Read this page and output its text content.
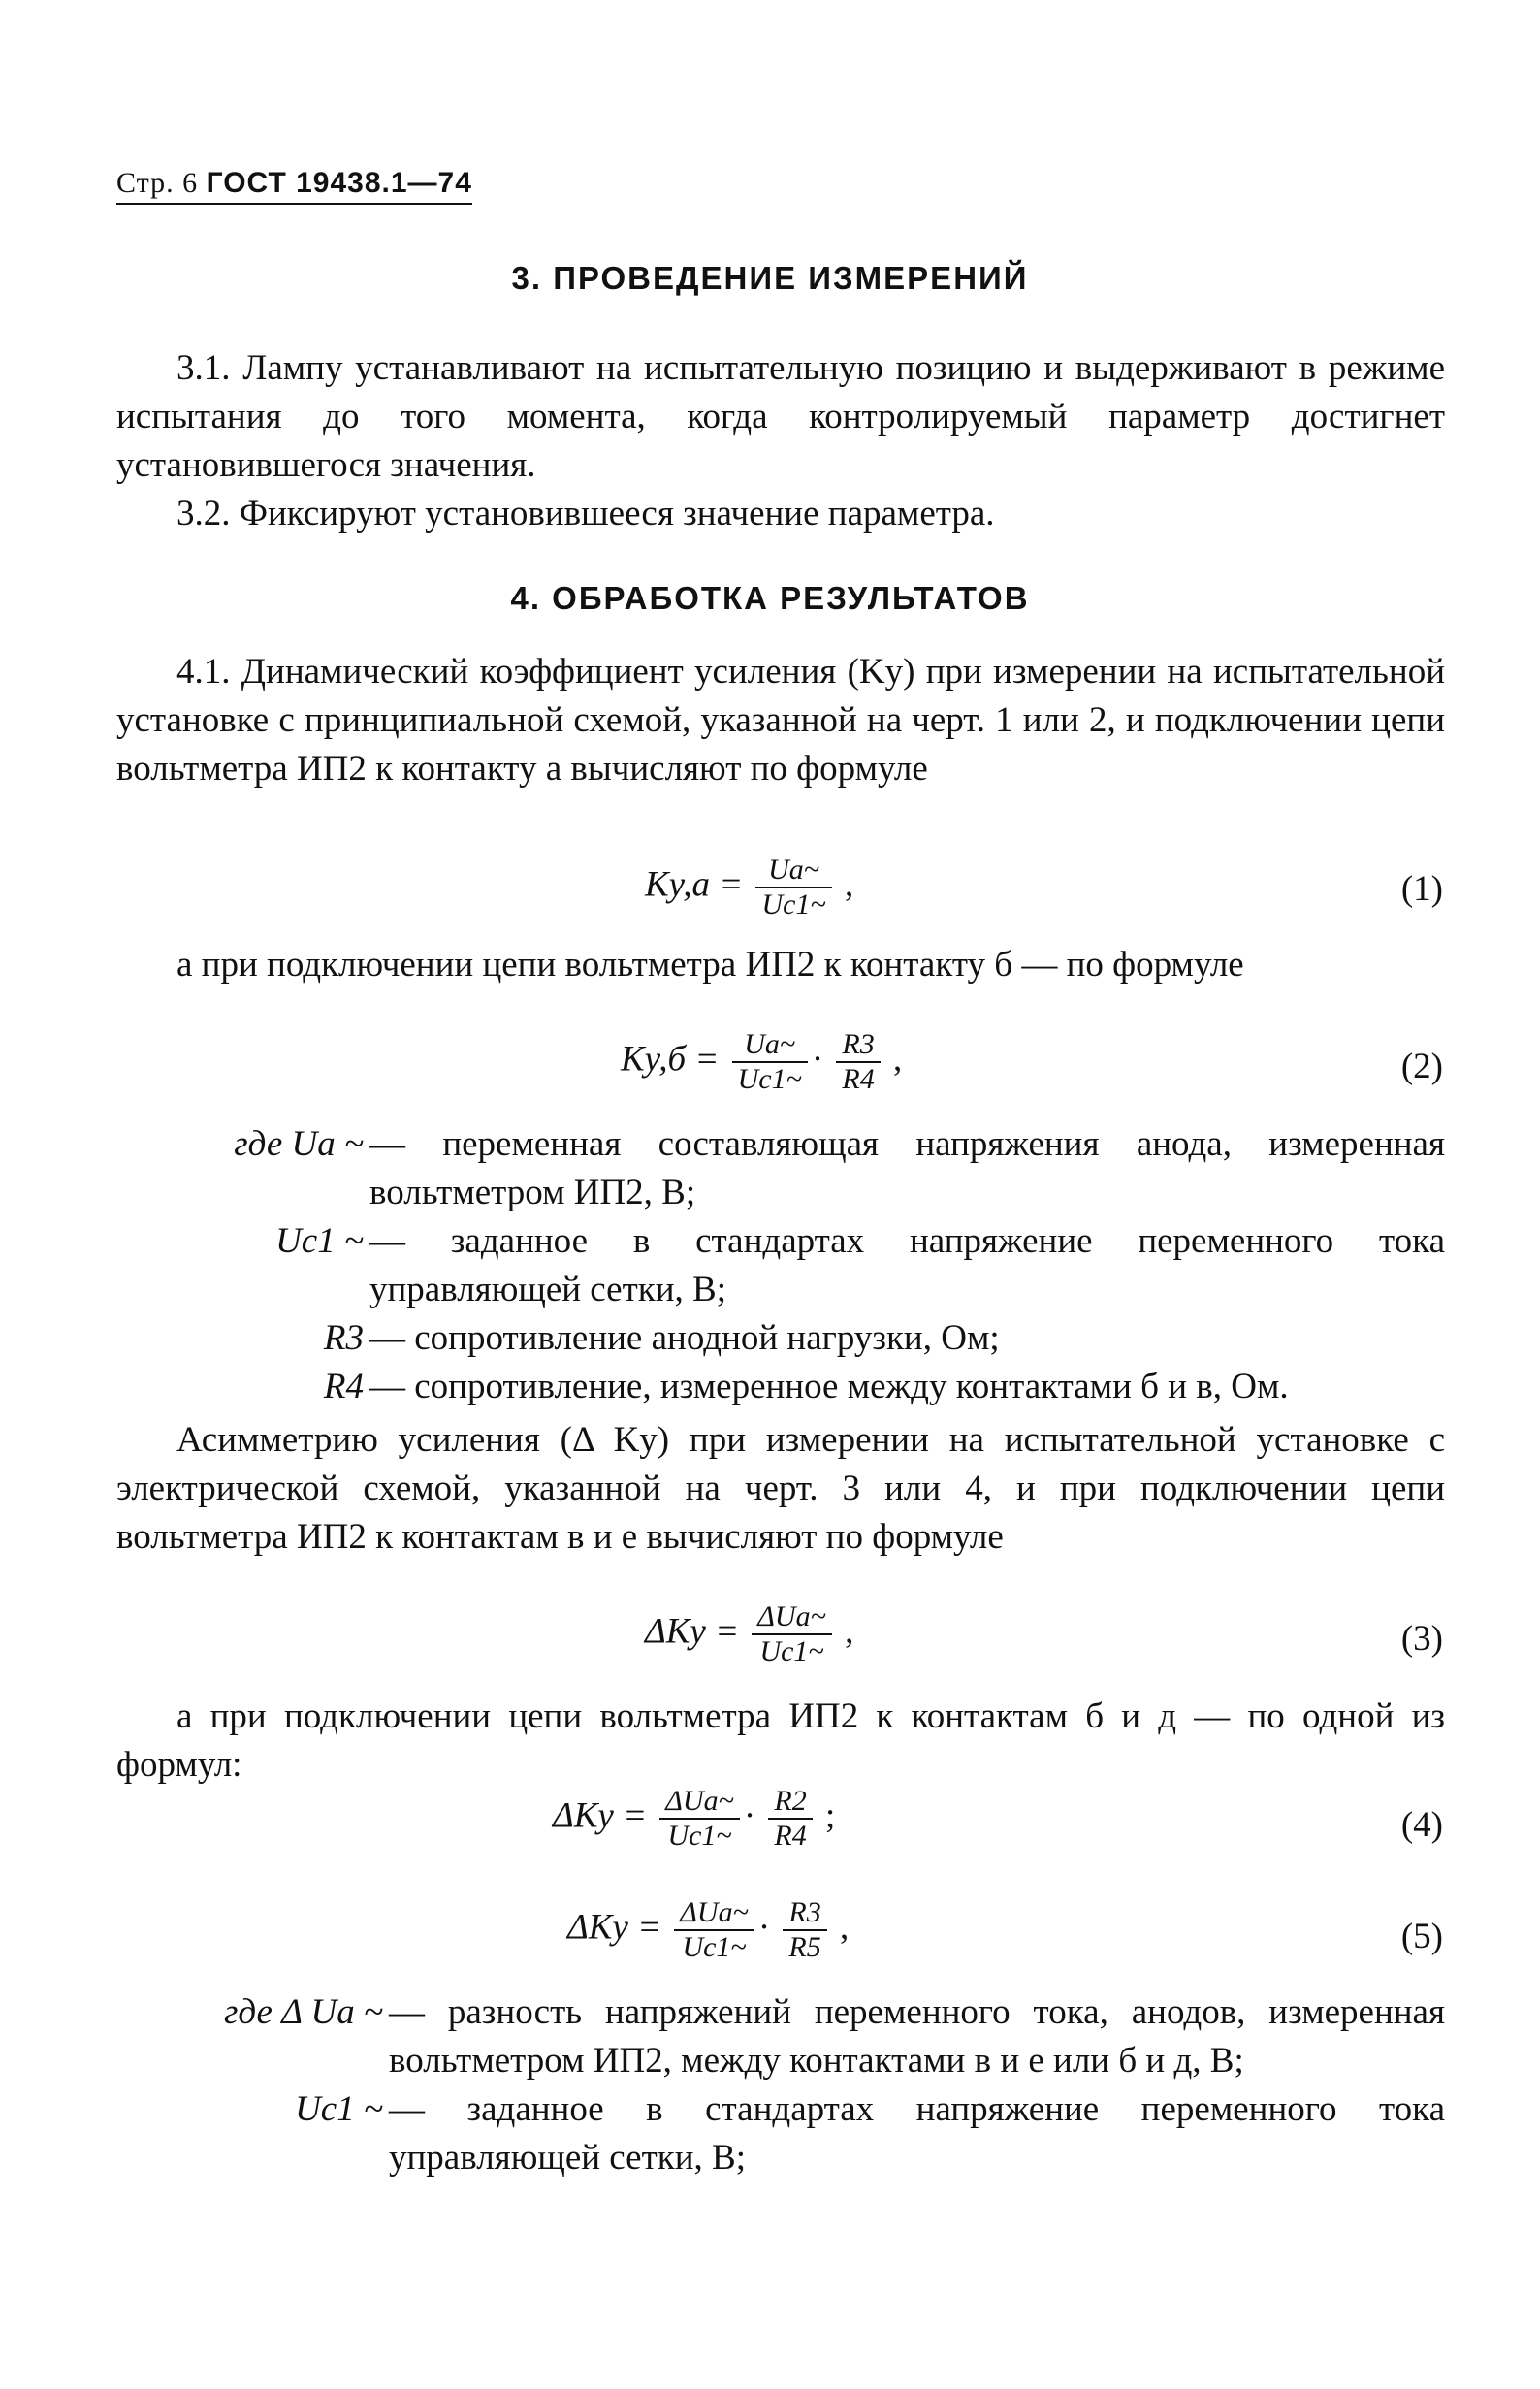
Стр. 6 ГОСТ 19438.1—74
3. ПРОВЕДЕНИЕ ИЗМЕРЕНИЙ
3.1. Лампу устанавливают на испытательную позицию и выдерживают в режиме испытания до того момента, когда контролируемый параметр достигнет установившегося значения.
3.2. Фиксируют установившееся значение параметра.
4. ОБРАБОТКА РЕЗУЛЬТАТОВ
4.1. Динамический коэффициент усиления (Kу) при измерении на испытательной установке с принципиальной схемой, указанной на черт. 1 или 2, и подключении цепи вольтметра ИП2 к контакту а вычисляют по формуле
$Kу,а = \frac{Uа\sim}{Uс1\sim}$ ,	(1)
а при подключении цепи вольтметра ИП2 к контакту б — по формуле
$Kу,б = \frac{Uа\sim}{Uс1\sim} \cdot \frac{R3}{R4}$ ,	(2)
где Uа ~ — переменная составляющая напряжения анода, измеренная вольтметром ИП2, В;
Uс1 ~ — заданное в стандартах напряжение переменного тока управляющей сетки, В;
R3 — сопротивление анодной нагрузки, Ом;
R4 — сопротивление, измеренное между контактами б и в, Ом.
Асимметрию усиления (Δ Kу) при измерении на испытательной установке с электрической схемой, указанной на черт. 3 или 4, и при подключении цепи вольтметра ИП2 к контактам в и е вычисляют по формуле
$\Delta Kу = \frac{\text{ΔUа\textasciitilde{}}}{Uс1\sim}$ ,	(3)
а при подключении цепи вольтметра ИП2 к контактам б и д — по одной из формул:
$\Delta Kу = \frac{\text{ΔUа\textasciitilde{}}}{Uс1\sim} \cdot \frac{R2}{R4}$ ;	(4)
$\Delta Kу = \frac{\text{ΔUа\textasciitilde{}}}{Uс1\sim} \cdot \frac{R3}{R5}$ ,	(5)
где Δ Uа ~ — разность напряжений переменного тока, анодов, измеренная вольтметром ИП2, между контактами в и е или б и д, В;
Uс1 ~ — заданное в стандартах напряжение переменного тока управляющей сетки, В;
